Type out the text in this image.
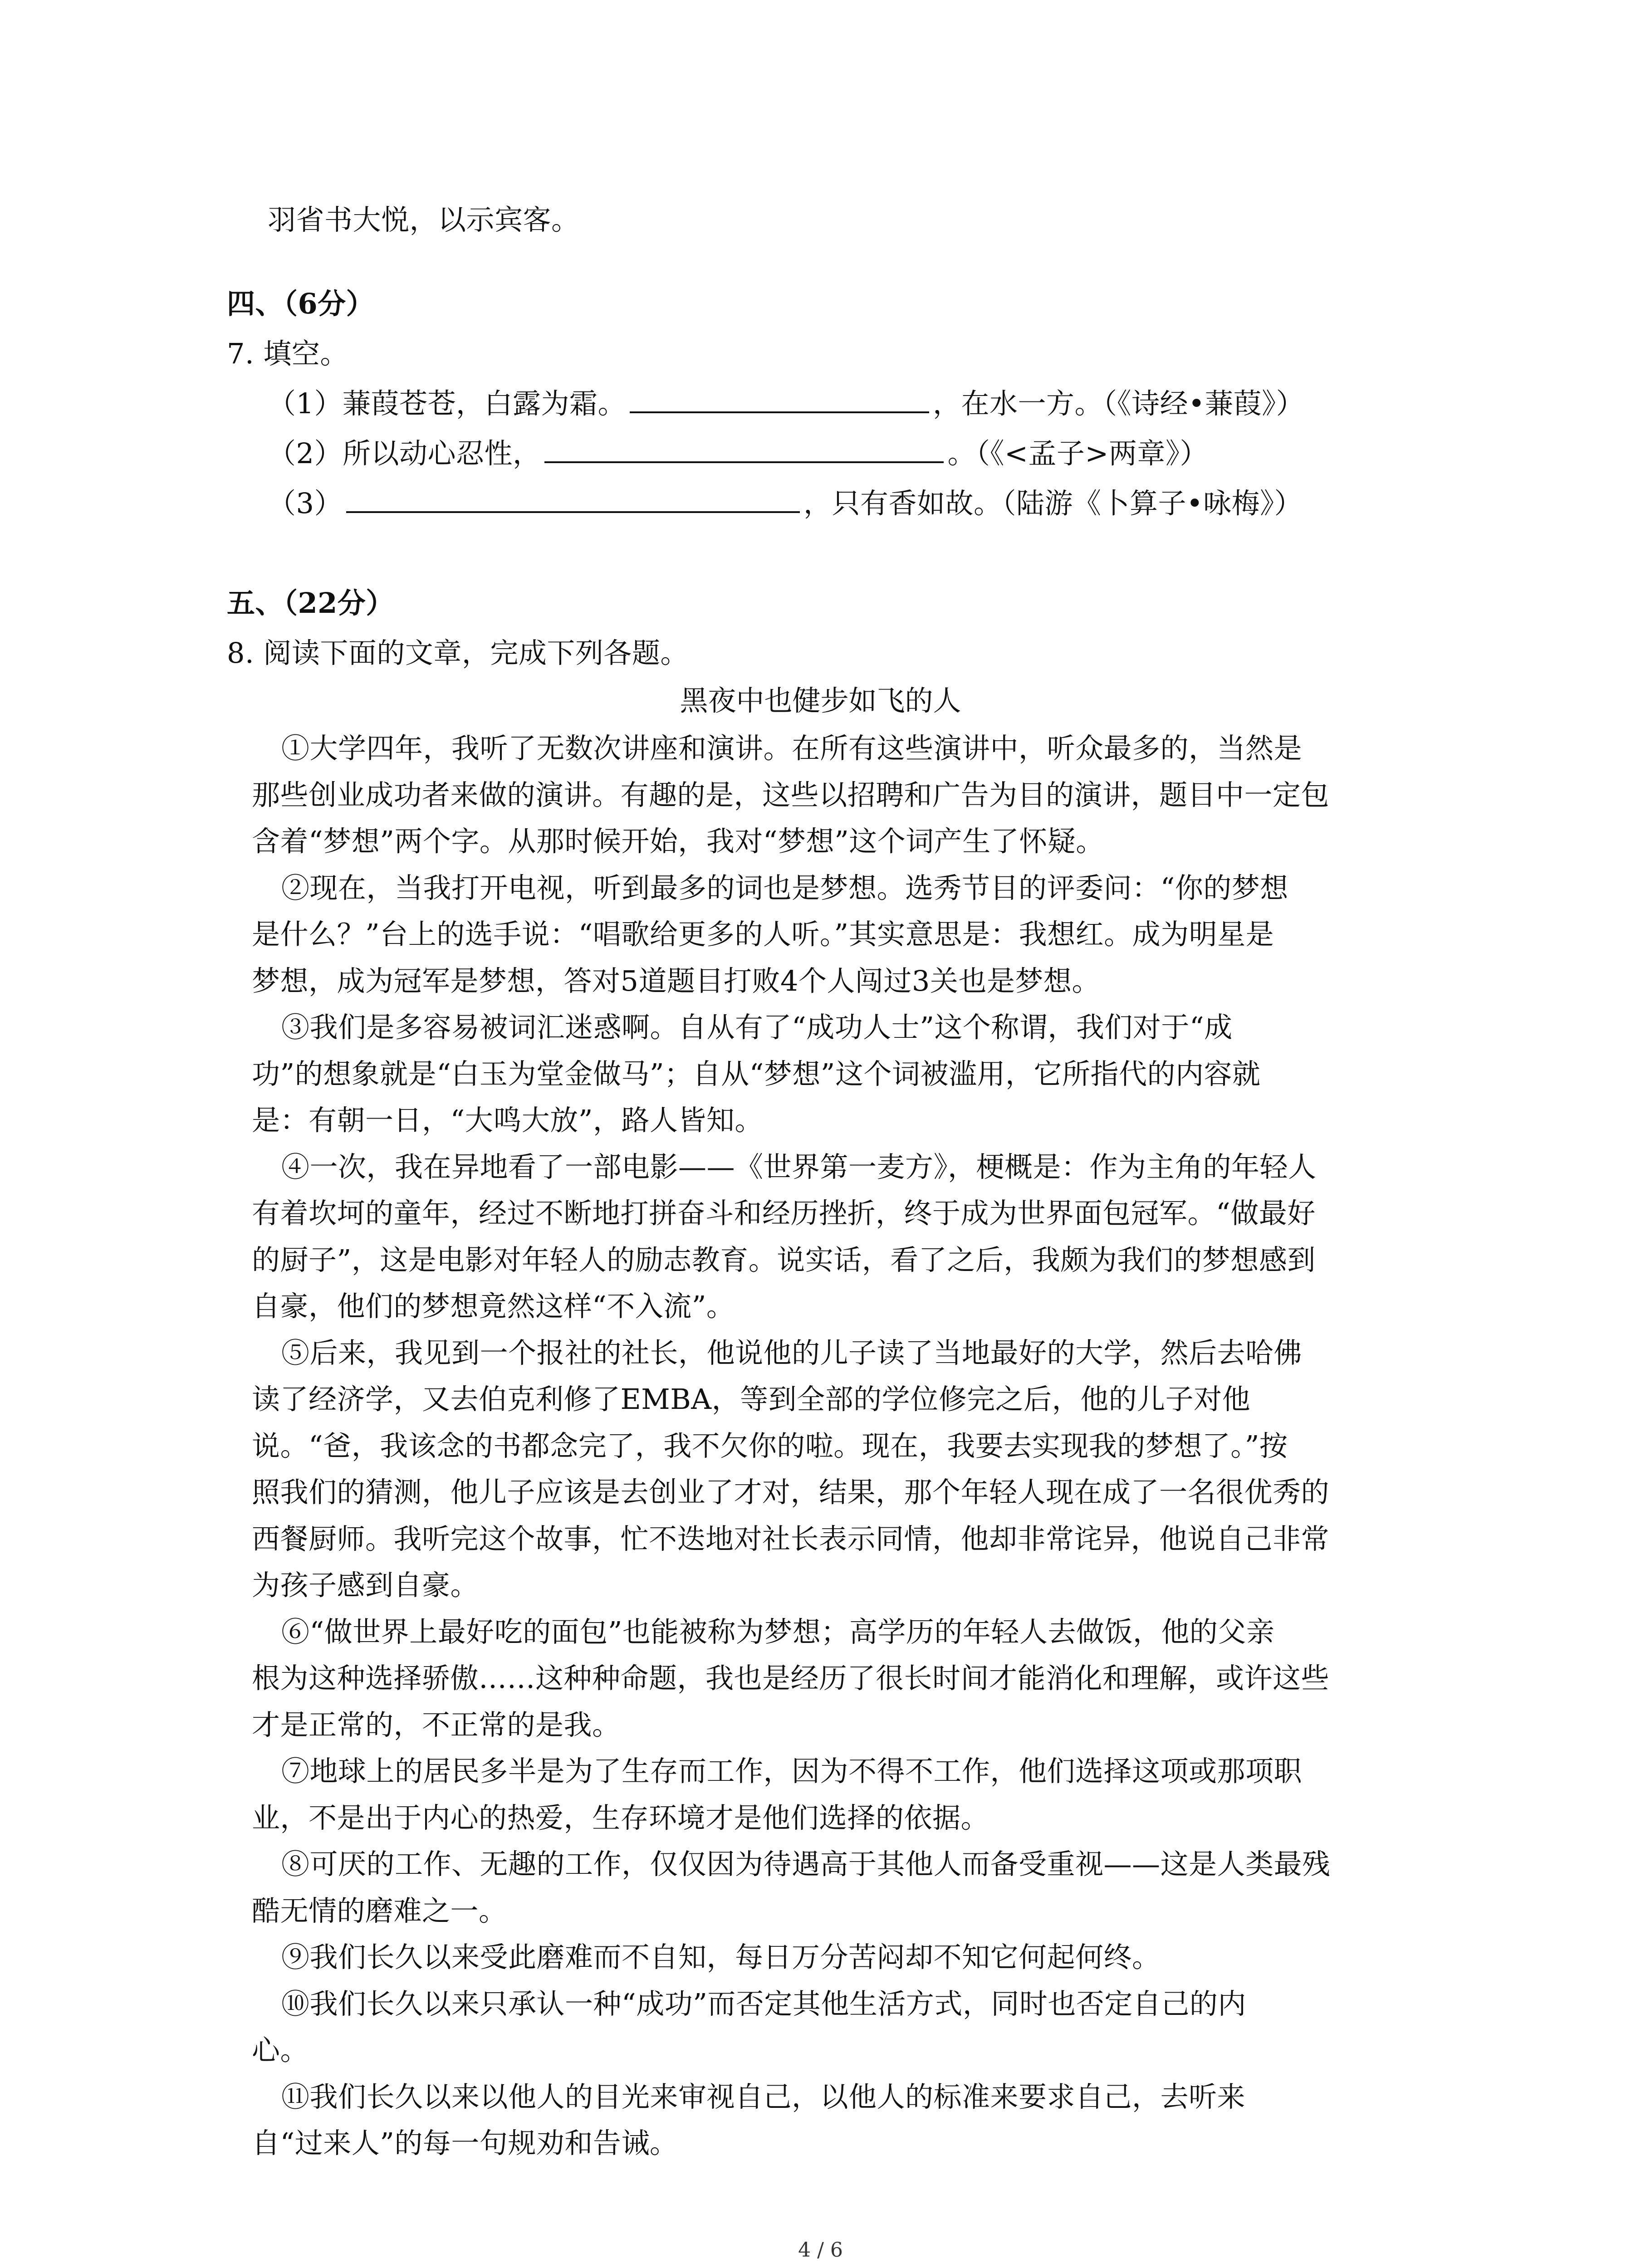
羽省书大悦，以示宾客。
四、（6分）
7. 填空。
（1）蒹葭苍苍，白露为霜。	，在水一方。（《诗经•蒹葭》）
（2）所以动心忍性，	。（《<孟子>两章》）
（3）	，只有香如故。（陆游《卜算子•咏梅》）
五、（22分）
8. 阅读下面的文章，完成下列各题。
黑夜中也健步如飞的人
①大学四年，我听了无数次讲座和演讲。在所有这些演讲中，听众最多的，当然是
那些创业成功者来做的演讲。有趣的是，这些以招聘和广告为目的演讲，题目中一定包
含着“梦想”两个字。从那时候开始，我对“梦想”这个词产生了怀疑。
②现在，当我打开电视，听到最多的词也是梦想。选秀节目的评委问：“你的梦想
是什么？”台上的选手说：“唱歌给更多的人听。”其实意思是：我想红。成为明星是
梦想，成为冠军是梦想，答对5道题目打败4个人闯过3关也是梦想。
③我们是多容易被词汇迷惑啊。自从有了“成功人士”这个称谓，我们对于“成
功”的想象就是“白玉为堂金做马”；自从“梦想”这个词被滥用，它所指代的内容就
是：有朝一日，“大鸣大放”，路人皆知。
④一次，我在异地看了一部电影——《世界第一麦方》，梗概是：作为主角的年轻人
有着坎坷的童年，经过不断地打拼奋斗和经历挫折，终于成为世界面包冠军。“做最好
的厨子”，这是电影对年轻人的励志教育。说实话，看了之后，我颇为我们的梦想感到
自豪，他们的梦想竟然这样“不入流”。
⑤后来，我见到一个报社的社长，他说他的儿子读了当地最好的大学，然后去哈佛
读了经济学，又去伯克利修了EMBA，等到全部的学位修完之后，他的儿子对他
说。“爸，我该念的书都念完了，我不欠你的啦。现在，我要去实现我的梦想了。”按
照我们的猜测，他儿子应该是去创业了才对，结果，那个年轻人现在成了一名很优秀的
西餐厨师。我听完这个故事，忙不迭地对社长表示同情，他却非常诧异，他说自己非常
为孩子感到自豪。
⑥“做世界上最好吃的面包”也能被称为梦想；高学历的年轻人去做饭，他的父亲
根为这种选择骄傲……这种种命题，我也是经历了很长时间才能消化和理解，或许这些
才是正常的，不正常的是我。
⑦地球上的居民多半是为了生存而工作，因为不得不工作，他们选择这项或那项职
业，不是出于内心的热爱，生存环境才是他们选择的依据。
⑧可厌的工作、无趣的工作，仅仅因为待遇高于其他人而备受重视——这是人类最残
酷无情的磨难之一。
⑨我们长久以来受此磨难而不自知，每日万分苦闷却不知它何起何终。
⑩我们长久以来只承认一种“成功”而否定其他生活方式，同时也否定自己的内
心。
⑪我们长久以来以他人的目光来审视自己，以他人的标准来要求自己，去听来
自“过来人”的每一句规劝和告诫。
4 / 6
